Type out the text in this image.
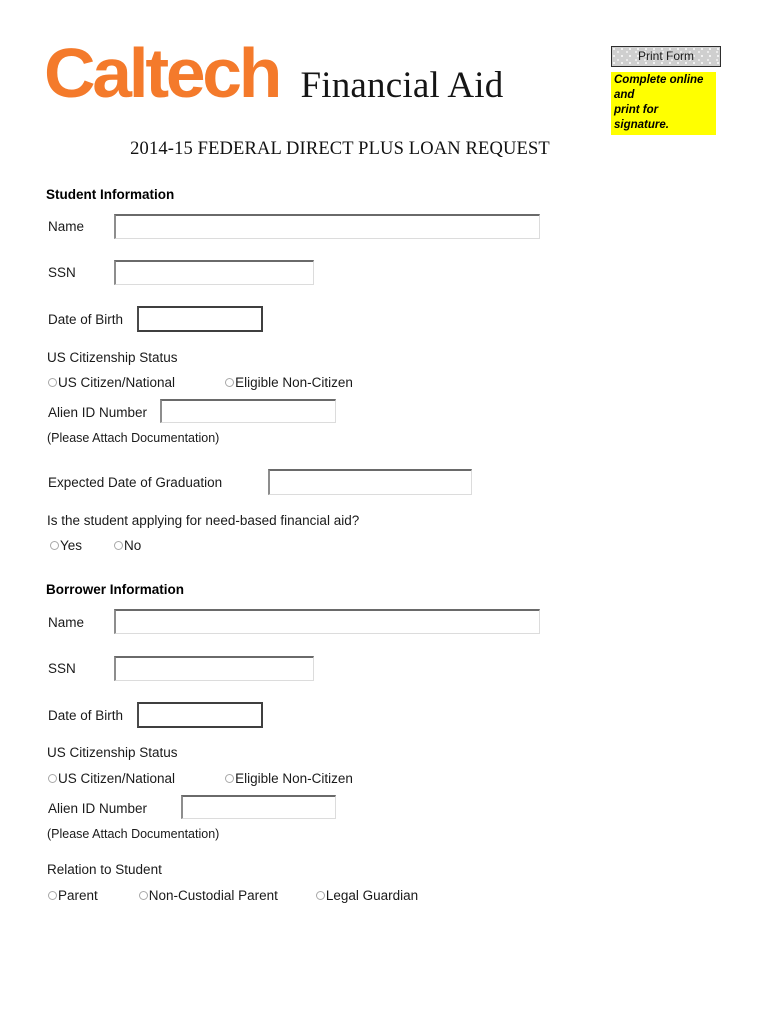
Caltech Financial Aid
Print Form
Complete online and
print for signature.
2014-15 FEDERAL DIRECT PLUS LOAN REQUEST
Student Information
Name
SSN
Date of Birth
US Citizenship Status
US Citizen/National	Eligible Non-Citizen
Alien ID Number
(Please Attach Documentation)
Expected Date of Graduation
Is the student applying for need-based financial aid?
Yes	No
Borrower Information
Name
SSN
Date of Birth
US Citizenship Status
US Citizen/National	Eligible Non-Citizen
Alien ID Number
(Please Attach Documentation)
Relation to Student
Parent	Non-Custodial Parent	Legal Guardian
